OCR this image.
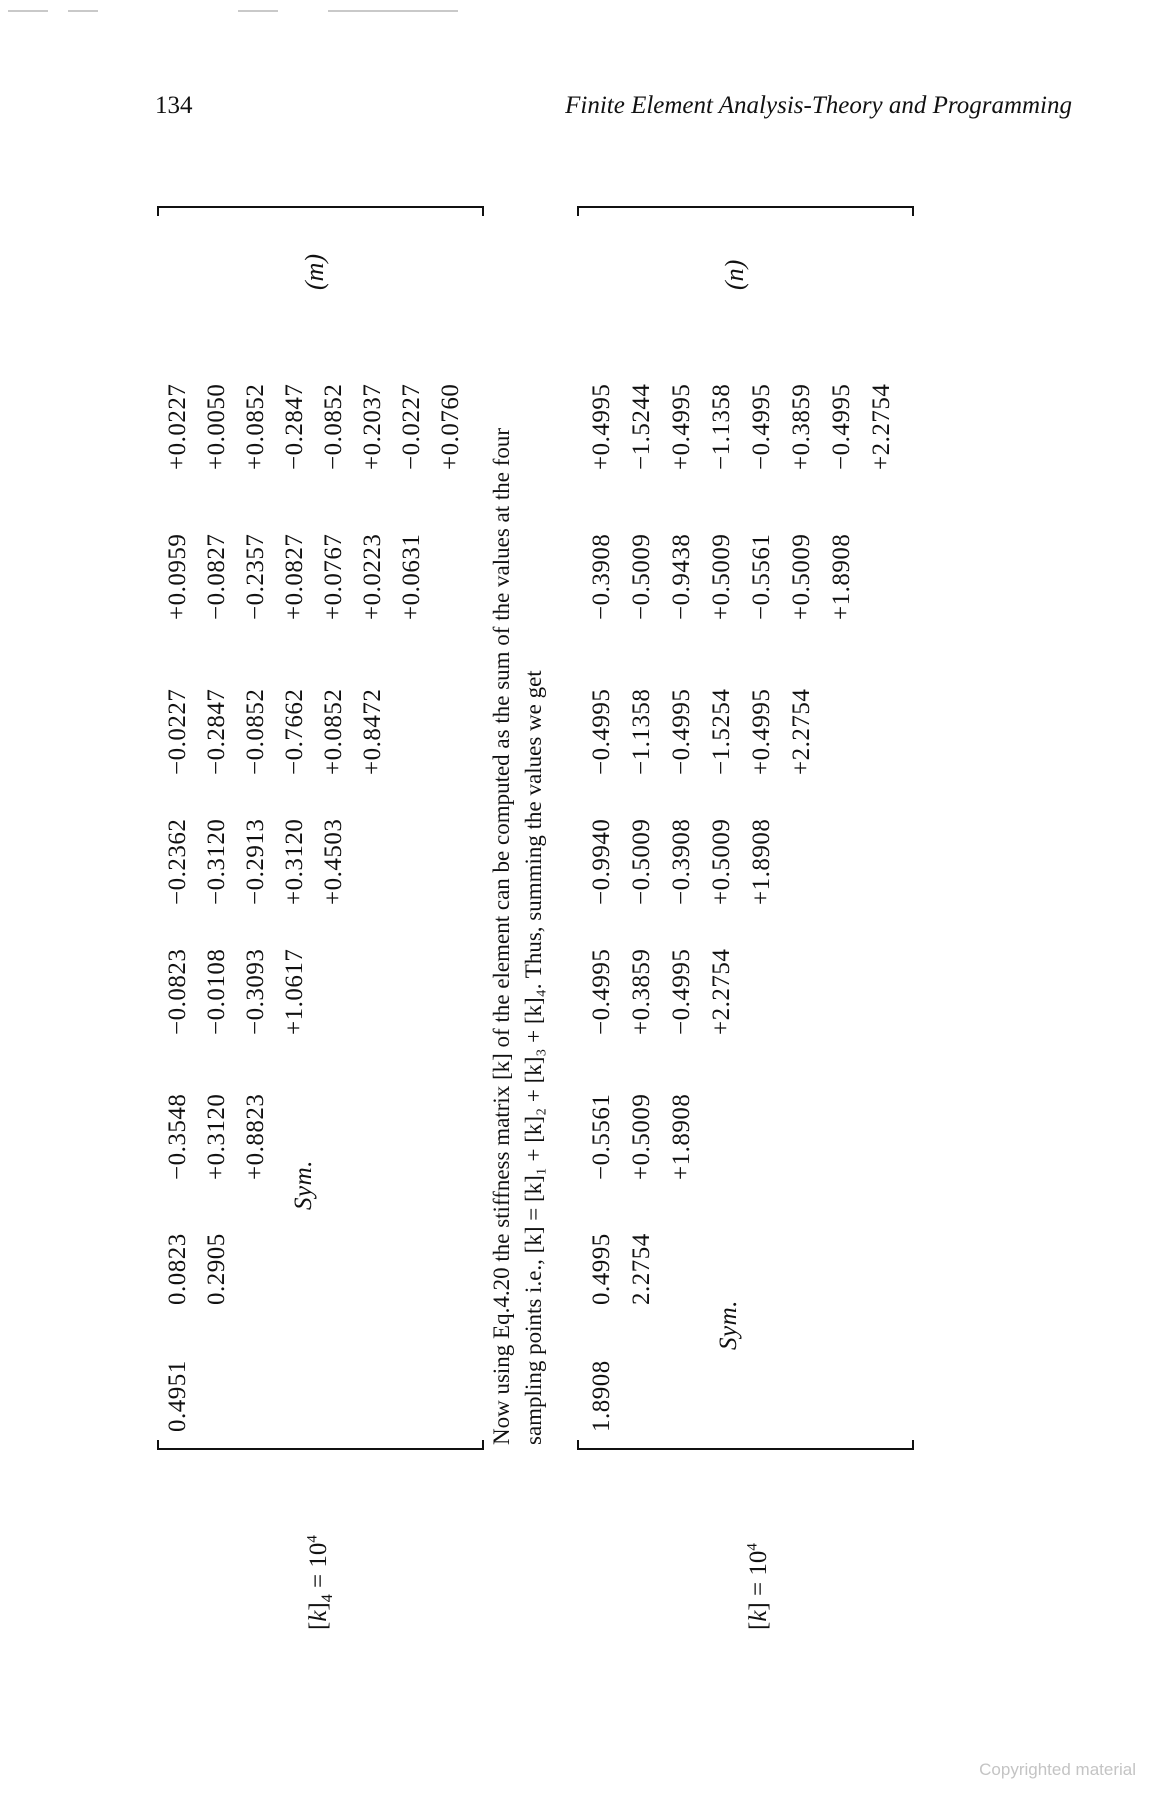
134	Finite Element Analysis-Theory and Programming
$[k]_4 = 10^4$
0.4951
0.0823
−0.3548
−0.0823
−0.2362
−0.0227
+0.0959
+0.0227
0.2905
+0.3120
−0.0108
−0.3120
−0.2847
−0.0827
+0.0050
+0.8823
−0.3093
−0.2913
−0.0852
−0.2357
+0.0852
+1.0617
+0.3120
−0.7662
+0.0827
−0.2847
+0.4503
+0.0852
+0.0767
−0.0852
+0.8472
+0.0223
+0.2037
+0.0631
−0.0227 +0.0760
Sym.
(m)
Now using Eq.4.20 the stiffness matrix [k] of the element can be computed as the sum of the values at the four sampling points i.e., [k] = [k]₁ + [k]₂ + [k]₃ + [k]₄. Thus, summing the values we get
$[k] = 10^4$
1.8908
0.4995
−0.5561
−0.4995
−0.9940
−0.4995
−0.3908
+0.4995
2.2754
+0.5009
+0.3859
−0.5009
−1.1358
−0.5009
−1.5244
+1.8908
−0.4995
−0.3908
−0.4995
−0.9438
+0.4995
+2.2754
+0.5009
−1.5254
+0.5009
−1.1358
+1.8908
+0.4995
−0.5561
−0.4995
+2.2754
+0.5009
+0.3859
+1.8908
−0.4995 +2.2754
Sym.
(n)
Copyrighted material
